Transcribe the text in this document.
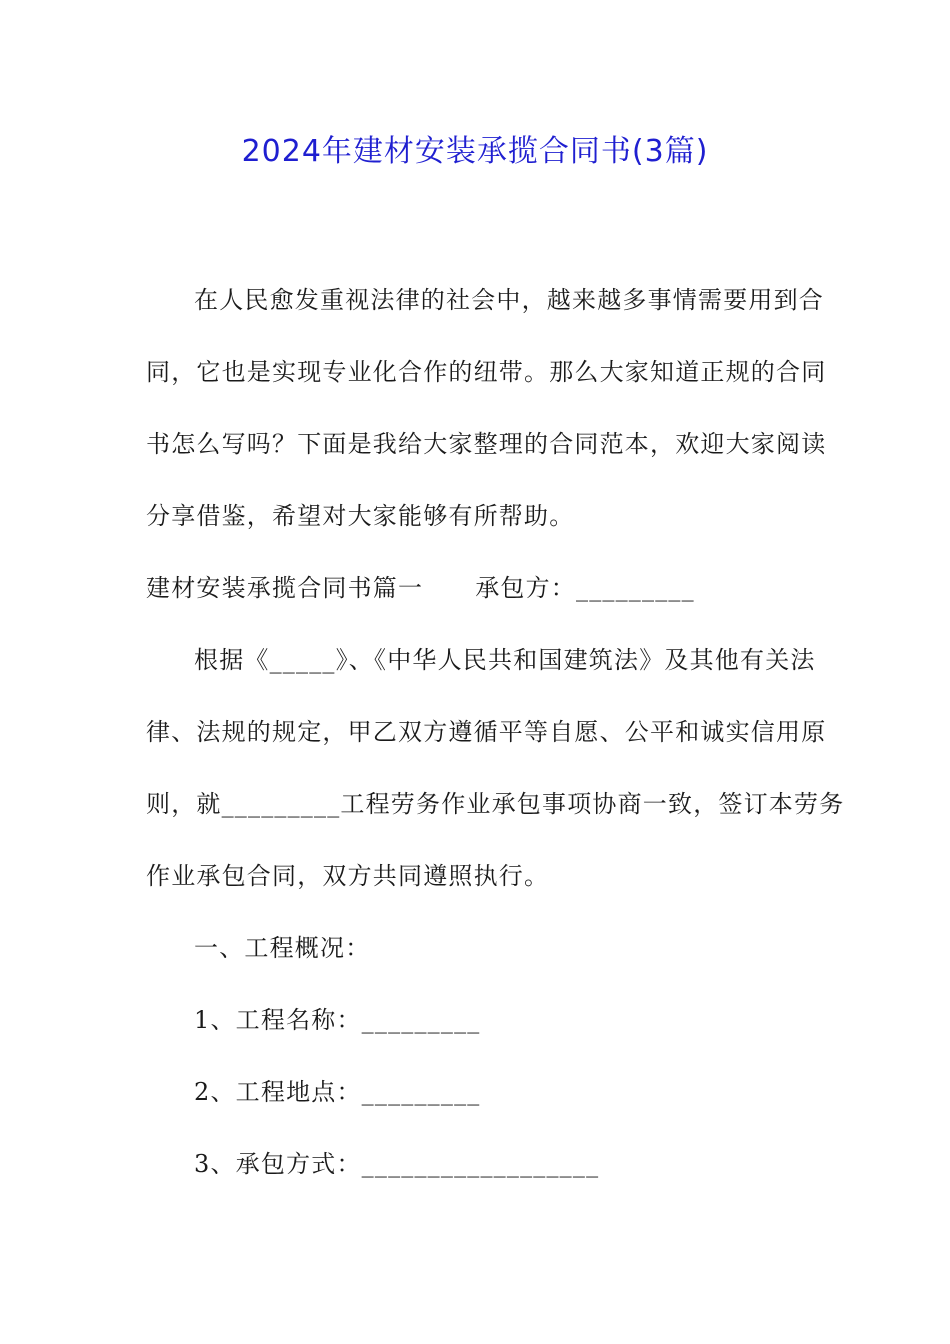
2024年建材安装承揽合同书(3篇)

在人民愈发重视法律的社会中，越来越多事情需要用到合

同，它也是实现专业化合作的纽带。那么大家知道正规的合同

书怎么写吗？下面是我给大家整理的合同范本，欢迎大家阅读

分享借鉴，希望对大家能够有所帮助。

建材安装承揽合同书篇一 承包方：_________

根据《_____》、《中华人民共和国建筑法》及其他有关法

律、法规的规定，甲乙双方遵循平等自愿、公平和诚实信用原

则，就_________工程劳务作业承包事项协商一致，签订本劳务

作业承包合同，双方共同遵照执行。

一、工程概况：

1、工程名称：_________

2、工程地点：_________

3、承包方式：__________________
